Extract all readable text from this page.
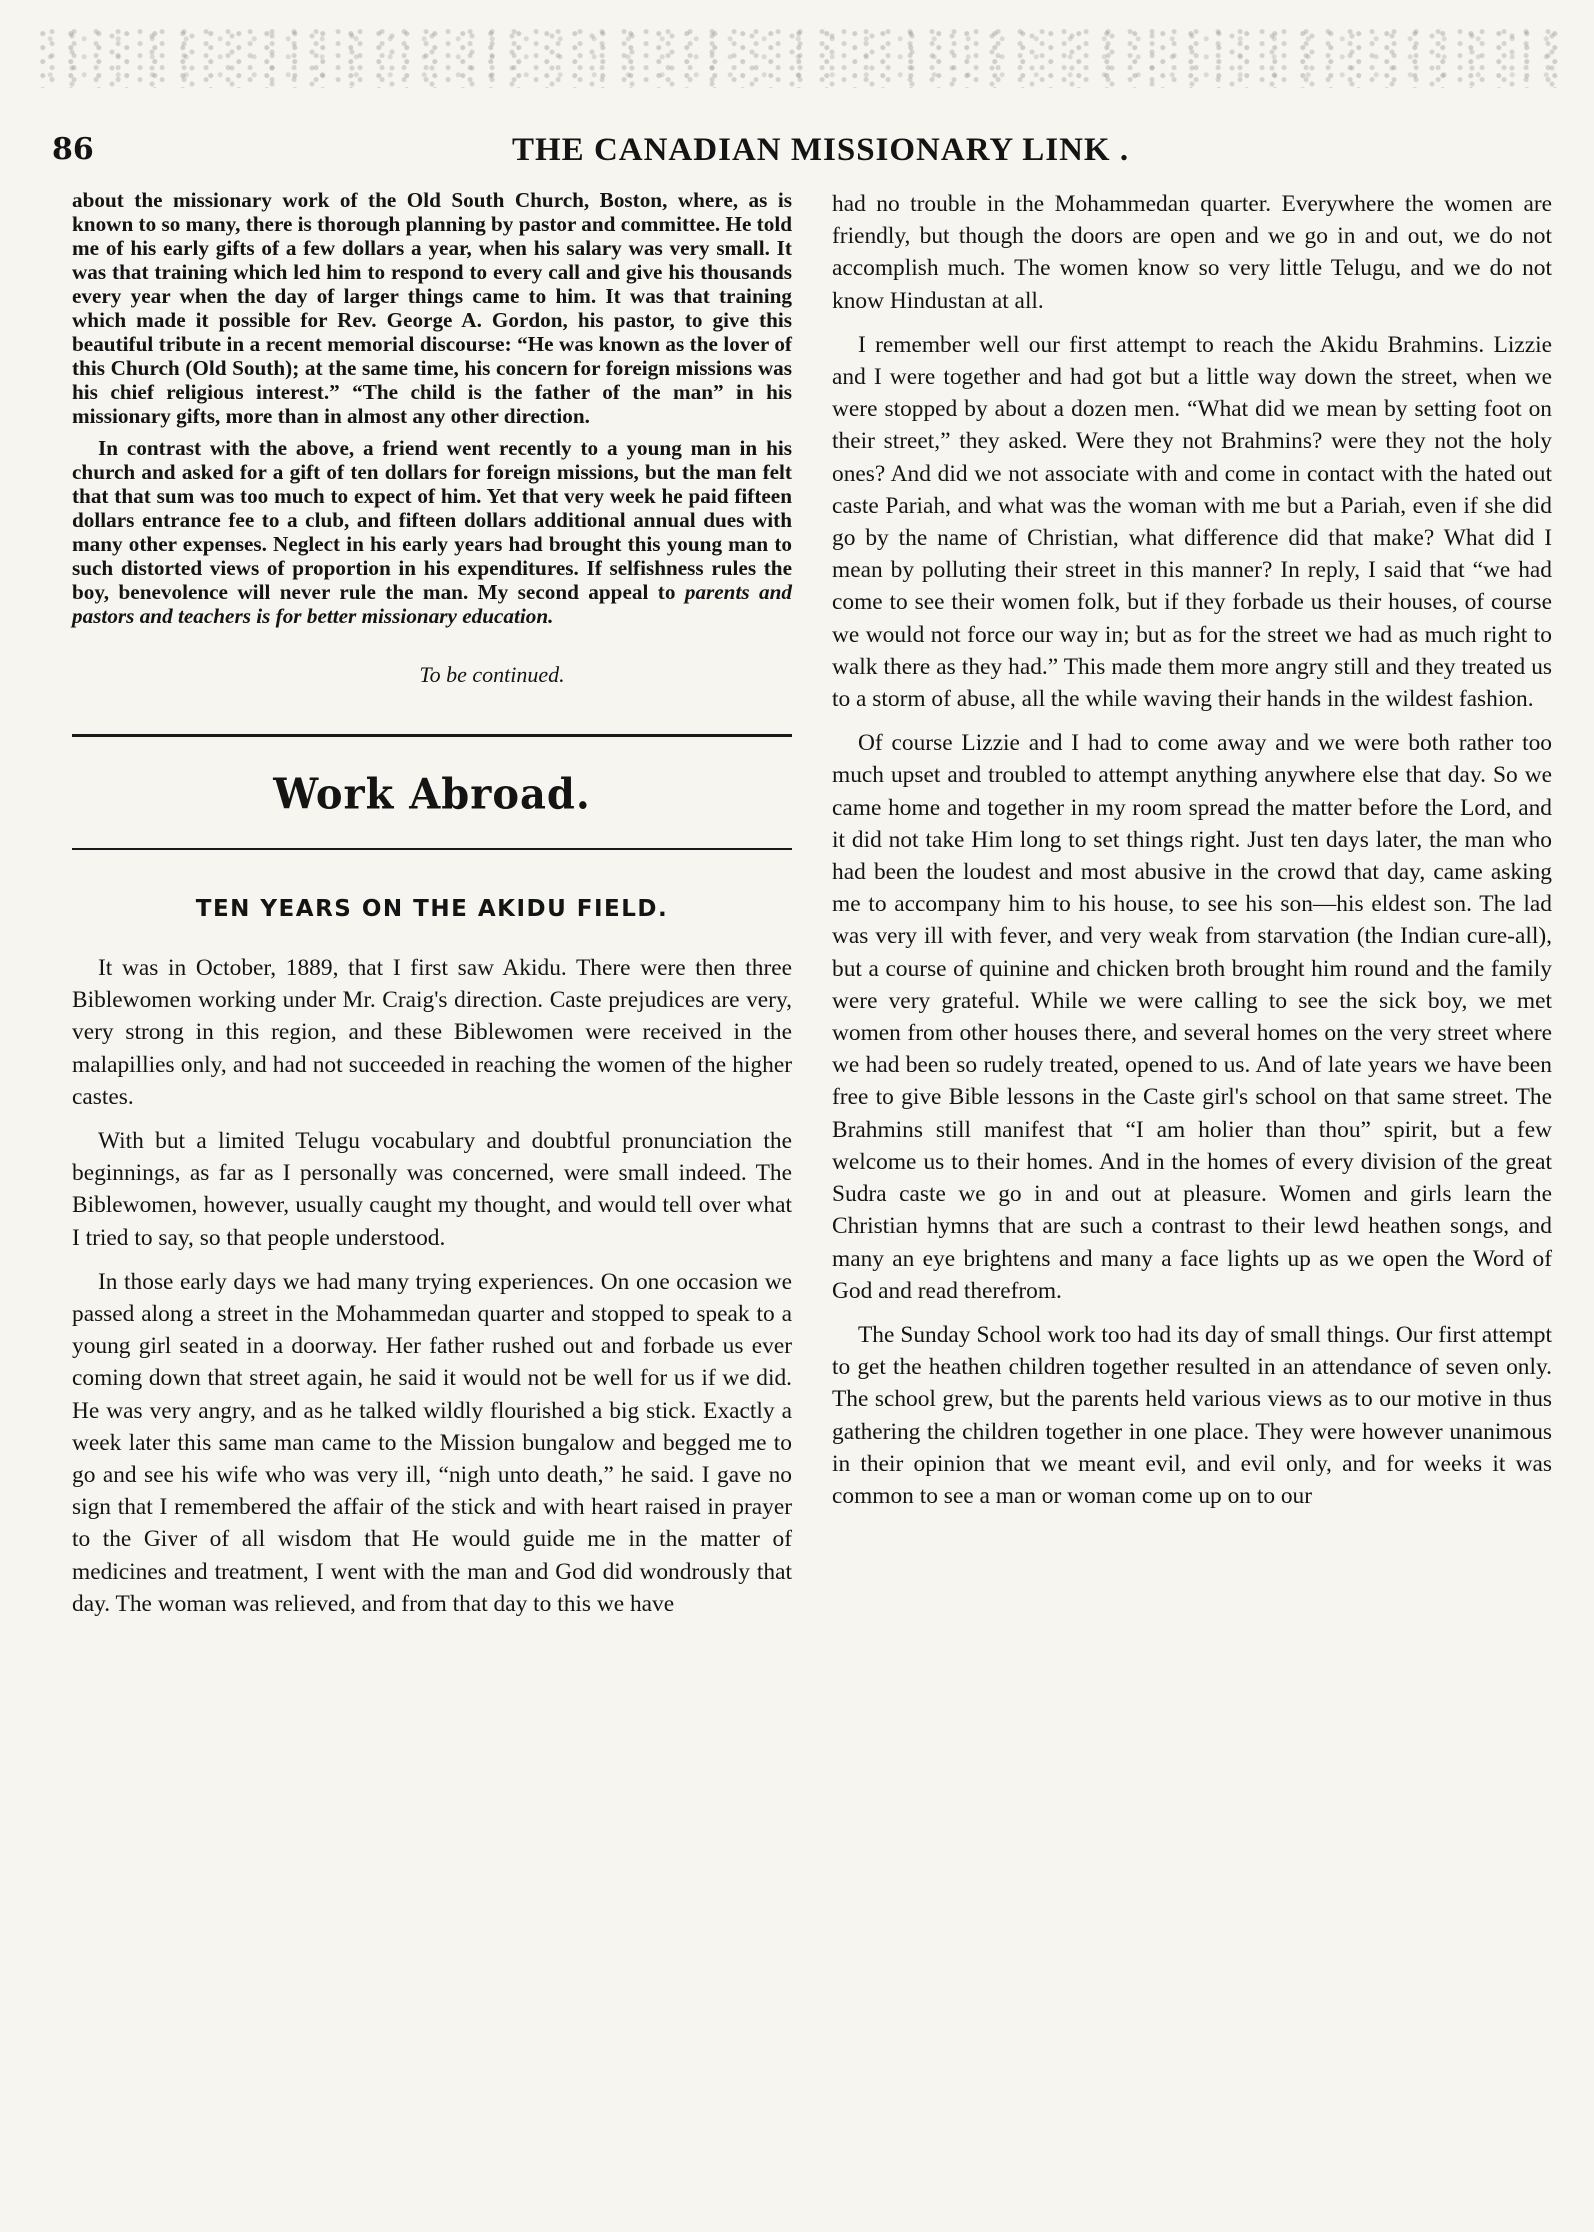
86	THE CANADIAN MISSIONARY LINK .

about the missionary work of the Old South Church, Boston, where, as is known to so many, there is thorough planning by pastor and committee. He told me of his early gifts of a few dollars a year, when his salary was very small. It was that training which led him to respond to every call and give his thousands every year when the day of larger things came to him. It was that training which made it possible for Rev. George A. Gordon, his pastor, to give this beautiful tribute in a recent memorial discourse: “He was known as the lover of this Church (Old South); at the same time, his concern for foreign missions was his chief religious interest.” “The child is the father of the man” in his missionary gifts, more than in almost any other direction.

In contrast with the above, a friend went recently to a young man in his church and asked for a gift of ten dollars for foreign missions, but the man felt that that sum was too much to expect of him. Yet that very week he paid fifteen dollars entrance fee to a club, and fifteen dollars additional annual dues with many other expenses. Neglect in his early years had brought this young man to such distorted views of proportion in his expenditures. If selfishness rules the boy, benevolence will never rule the man. My second appeal to parents and pastors and teachers is for better missionary education.

To be continued.
Work Abroad.
TEN YEARS ON THE AKIDU FIELD.

It was in October, 1889, that I first saw Akidu. There were then three Biblewomen working under Mr. Craig's direction. Caste prejudices are very, very strong in this region, and these Biblewomen were received in the malapillies only, and had not succeeded in reaching the women of the higher castes.

With but a limited Telugu vocabulary and doubtful pronunciation the beginnings, as far as I personally was concerned, were small indeed. The Biblewomen, however, usually caught my thought, and would tell over what I tried to say, so that people understood.

In those early days we had many trying experiences. On one occasion we passed along a street in the Mohammedan quarter and stopped to speak to a young girl seated in a doorway. Her father rushed out and forbade us ever coming down that street again, he said it would not be well for us if we did. He was very angry, and as he talked wildly flourished a big stick. Exactly a week later this same man came to the Mission bungalow and begged me to go and see his wife who was very ill, “nigh unto death,” he said. I gave no sign that I remembered the affair of the stick and with heart raised in prayer to the Giver of all wisdom that He would guide me in the matter of medicines and treatment, I went with the man and God did wondrously that day. The woman was relieved, and from that day to this we have

had no trouble in the Mohammedan quarter. Everywhere the women are friendly, but though the doors are open and we go in and out, we do not accomplish much. The women know so very little Telugu, and we do not know Hindustan at all.

I remember well our first attempt to reach the Akidu Brahmins. Lizzie and I were together and had got but a little way down the street, when we were stopped by about a dozen men. “What did we mean by setting foot on their street,” they asked. Were they not Brahmins? were they not the holy ones? And did we not associate with and come in contact with the hated out caste Pariah, and what was the woman with me but a Pariah, even if she did go by the name of Christian, what difference did that make? What did I mean by polluting their street in this manner? In reply, I said that “we had come to see their women folk, but if they forbade us their houses, of course we would not force our way in; but as for the street we had as much right to walk there as they had.” This made them more angry still and they treated us to a storm of abuse, all the while waving their hands in the wildest fashion.

Of course Lizzie and I had to come away and we were both rather too much upset and troubled to attempt anything anywhere else that day. So we came home and together in my room spread the matter before the Lord, and it did not take Him long to set things right. Just ten days later, the man who had been the loudest and most abusive in the crowd that day, came asking me to accompany him to his house, to see his son—his eldest son. The lad was very ill with fever, and very weak from starvation (the Indian cure-all), but a course of quinine and chicken broth brought him round and the family were very grateful. While we were calling to see the sick boy, we met women from other houses there, and several homes on the very street where we had been so rudely treated, opened to us. And of late years we have been free to give Bible lessons in the Caste girl's school on that same street. The Brahmins still manifest that “I am holier than thou” spirit, but a few welcome us to their homes. And in the homes of every division of the great Sudra caste we go in and out at pleasure. Women and girls learn the Christian hymns that are such a contrast to their lewd heathen songs, and many an eye brightens and many a face lights up as we open the Word of God and read therefrom.

The Sunday School work too had its day of small things. Our first attempt to get the heathen children together resulted in an attendance of seven only. The school grew, but the parents held various views as to our motive in thus gathering the children together in one place. They were however unanimous in their opinion that we meant evil, and evil only, and for weeks it was common to see a man or woman come up on to our
